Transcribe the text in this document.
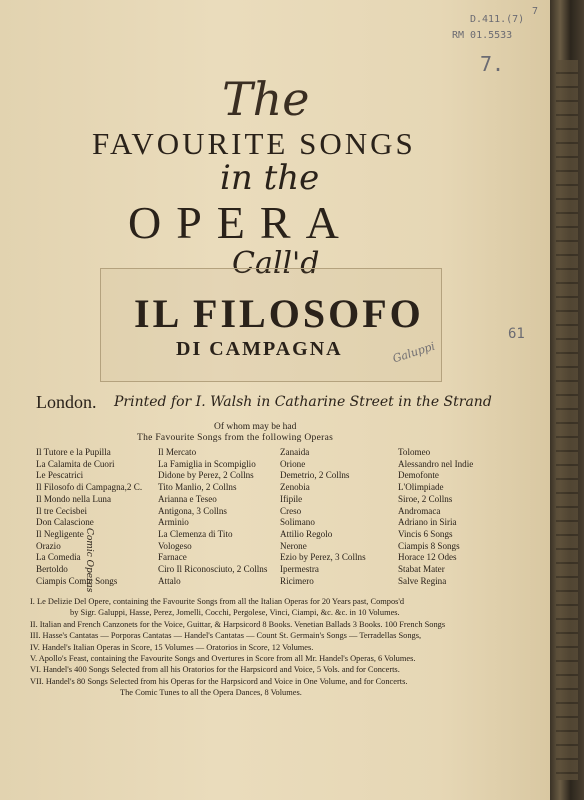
7
D.411.(7)
RM 01.5533
7.
61
Galuppi
The
FAVOURITE SONGS
in the
OPERA
Call'd
IL FILOSOFO
DI CAMPAGNA
London. Printed for I. Walsh in Catharine Street in the Strand
Of whom may be had
The Favourite Songs from the following Operas
Comic Operas
Il Tutore e la Pupilla
La Calamita de Cuori
Le Pescatrici
Il Filosofo di Campagna,2 C.
Il Mondo nella Luna
Il tre Cecisbei
Don Calascione
Il Negligente
Orazio
La Comedia
Bertoldo
Ciampis Comic Songs
Il Mercato
La Famiglia in Scompiglio
Didone by Perez, 2 Collns
Tito Manlio, 2 Collns
Arianna e Teseo
Antigona, 3 Collns
Arminio
La Clemenza di Tito
Vologeso
Farnace
Ciro Il Riconosciuto, 2 Collns
Attalo
Zanaida
Orione
Demetrio, 2 Collns
Zenobia
Ifipile
Creso
Solimano
Attilio Regolo
Nerone
Ezio by Perez, 3 Collns
Ipermestra
Ricimero
Tolomeo
Alessandro nel Indie
Demofonte
L'Olimpiade
Siroe, 2 Collns
Andromaca
Adriano in Siria
Vincis 6 Songs
Ciampis 8 Songs
Horace 12 Odes
Stabat Mater
Salve Regina
I. Le Delizie Del Opere, containing the Favourite Songs from all the Italian Operas for 20 Years past, Compos'd
by Sigr. Galuppi, Hasse, Perez, Jomelli, Cocchi, Pergolese, Vinci, Ciampi, &c. &c. in 10 Volumes.
II. Italian and French Canzonets for the Voice, Guittar, & Harpsicord 8 Books. Venetian Ballads 3 Books. 100 French Songs
III. Hasse's Cantatas — Porporas Cantatas — Handel's Cantatas — Count St. Germain's Songs — Terradellas Songs,
IV. Handel's Italian Operas in Score, 15 Volumes — Oratorios in Score, 12 Volumes.
V. Apollo's Feast, containing the Favourite Songs and Overtures in Score from all Mr. Handel's Operas, 6 Volumes.
VI. Handel's 400 Songs Selected from all his Oratorios for the Harpsicord and Voice, 5 Vols. and for Concerts.
VII. Handel's 80 Songs Selected from his Operas for the Harpsicord and Voice in One Volume, and for Concerts.
The Comic Tunes to all the Opera Dances, 8 Volumes.
